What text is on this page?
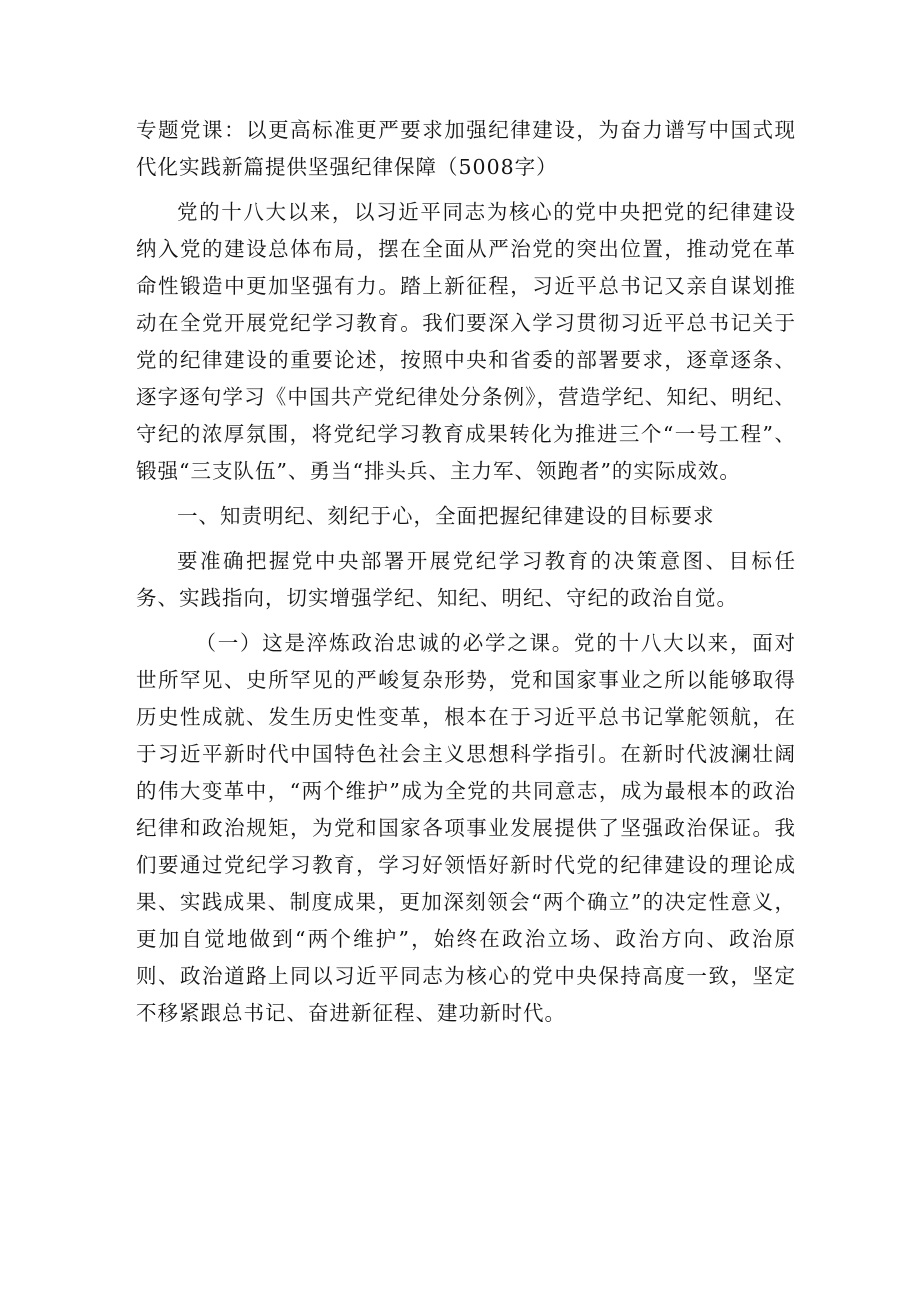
专题党课：以更高标准更严要求加强纪律建设，为奋力谱写中国式现代化实践新篇提供坚强纪律保障（5008字）

党的十八大以来，以习近平同志为核心的党中央把党的纪律建设纳入党的建设总体布局，摆在全面从严治党的突出位置，推动党在革命性锻造中更加坚强有力。踏上新征程，习近平总书记又亲自谋划推动在全党开展党纪学习教育。我们要深入学习贯彻习近平总书记关于党的纪律建设的重要论述，按照中央和省委的部署要求，逐章逐条、逐字逐句学习《中国共产党纪律处分条例》，营造学纪、知纪、明纪、守纪的浓厚氛围，将党纪学习教育成果转化为推进三个“一号工程”、锻强“三支队伍”、勇当“排头兵、主力军、领跑者”的实际成效。

一、知责明纪、刻纪于心，全面把握纪律建设的目标要求

要准确把握党中央部署开展党纪学习教育的决策意图、目标任务、实践指向，切实增强学纪、知纪、明纪、守纪的政治自觉。

（一）这是淬炼政治忠诚的必学之课。党的十八大以来，面对世所罕见、史所罕见的严峻复杂形势，党和国家事业之所以能够取得历史性成就、发生历史性变革，根本在于习近平总书记掌舵领航，在于习近平新时代中国特色社会主义思想科学指引。在新时代波澜壮阔的伟大变革中，“两个维护”成为全党的共同意志，成为最根本的政治纪律和政治规矩，为党和国家各项事业发展提供了坚强政治保证。我们要通过党纪学习教育，学习好领悟好新时代党的纪律建设的理论成果、实践成果、制度成果，更加深刻领会“两个确立”的决定性意义，更加自觉地做到“两个维护”，始终在政治立场、政治方向、政治原则、政治道路上同以习近平同志为核心的党中央保持高度一致，坚定不移紧跟总书记、奋进新征程、建功新时代。
